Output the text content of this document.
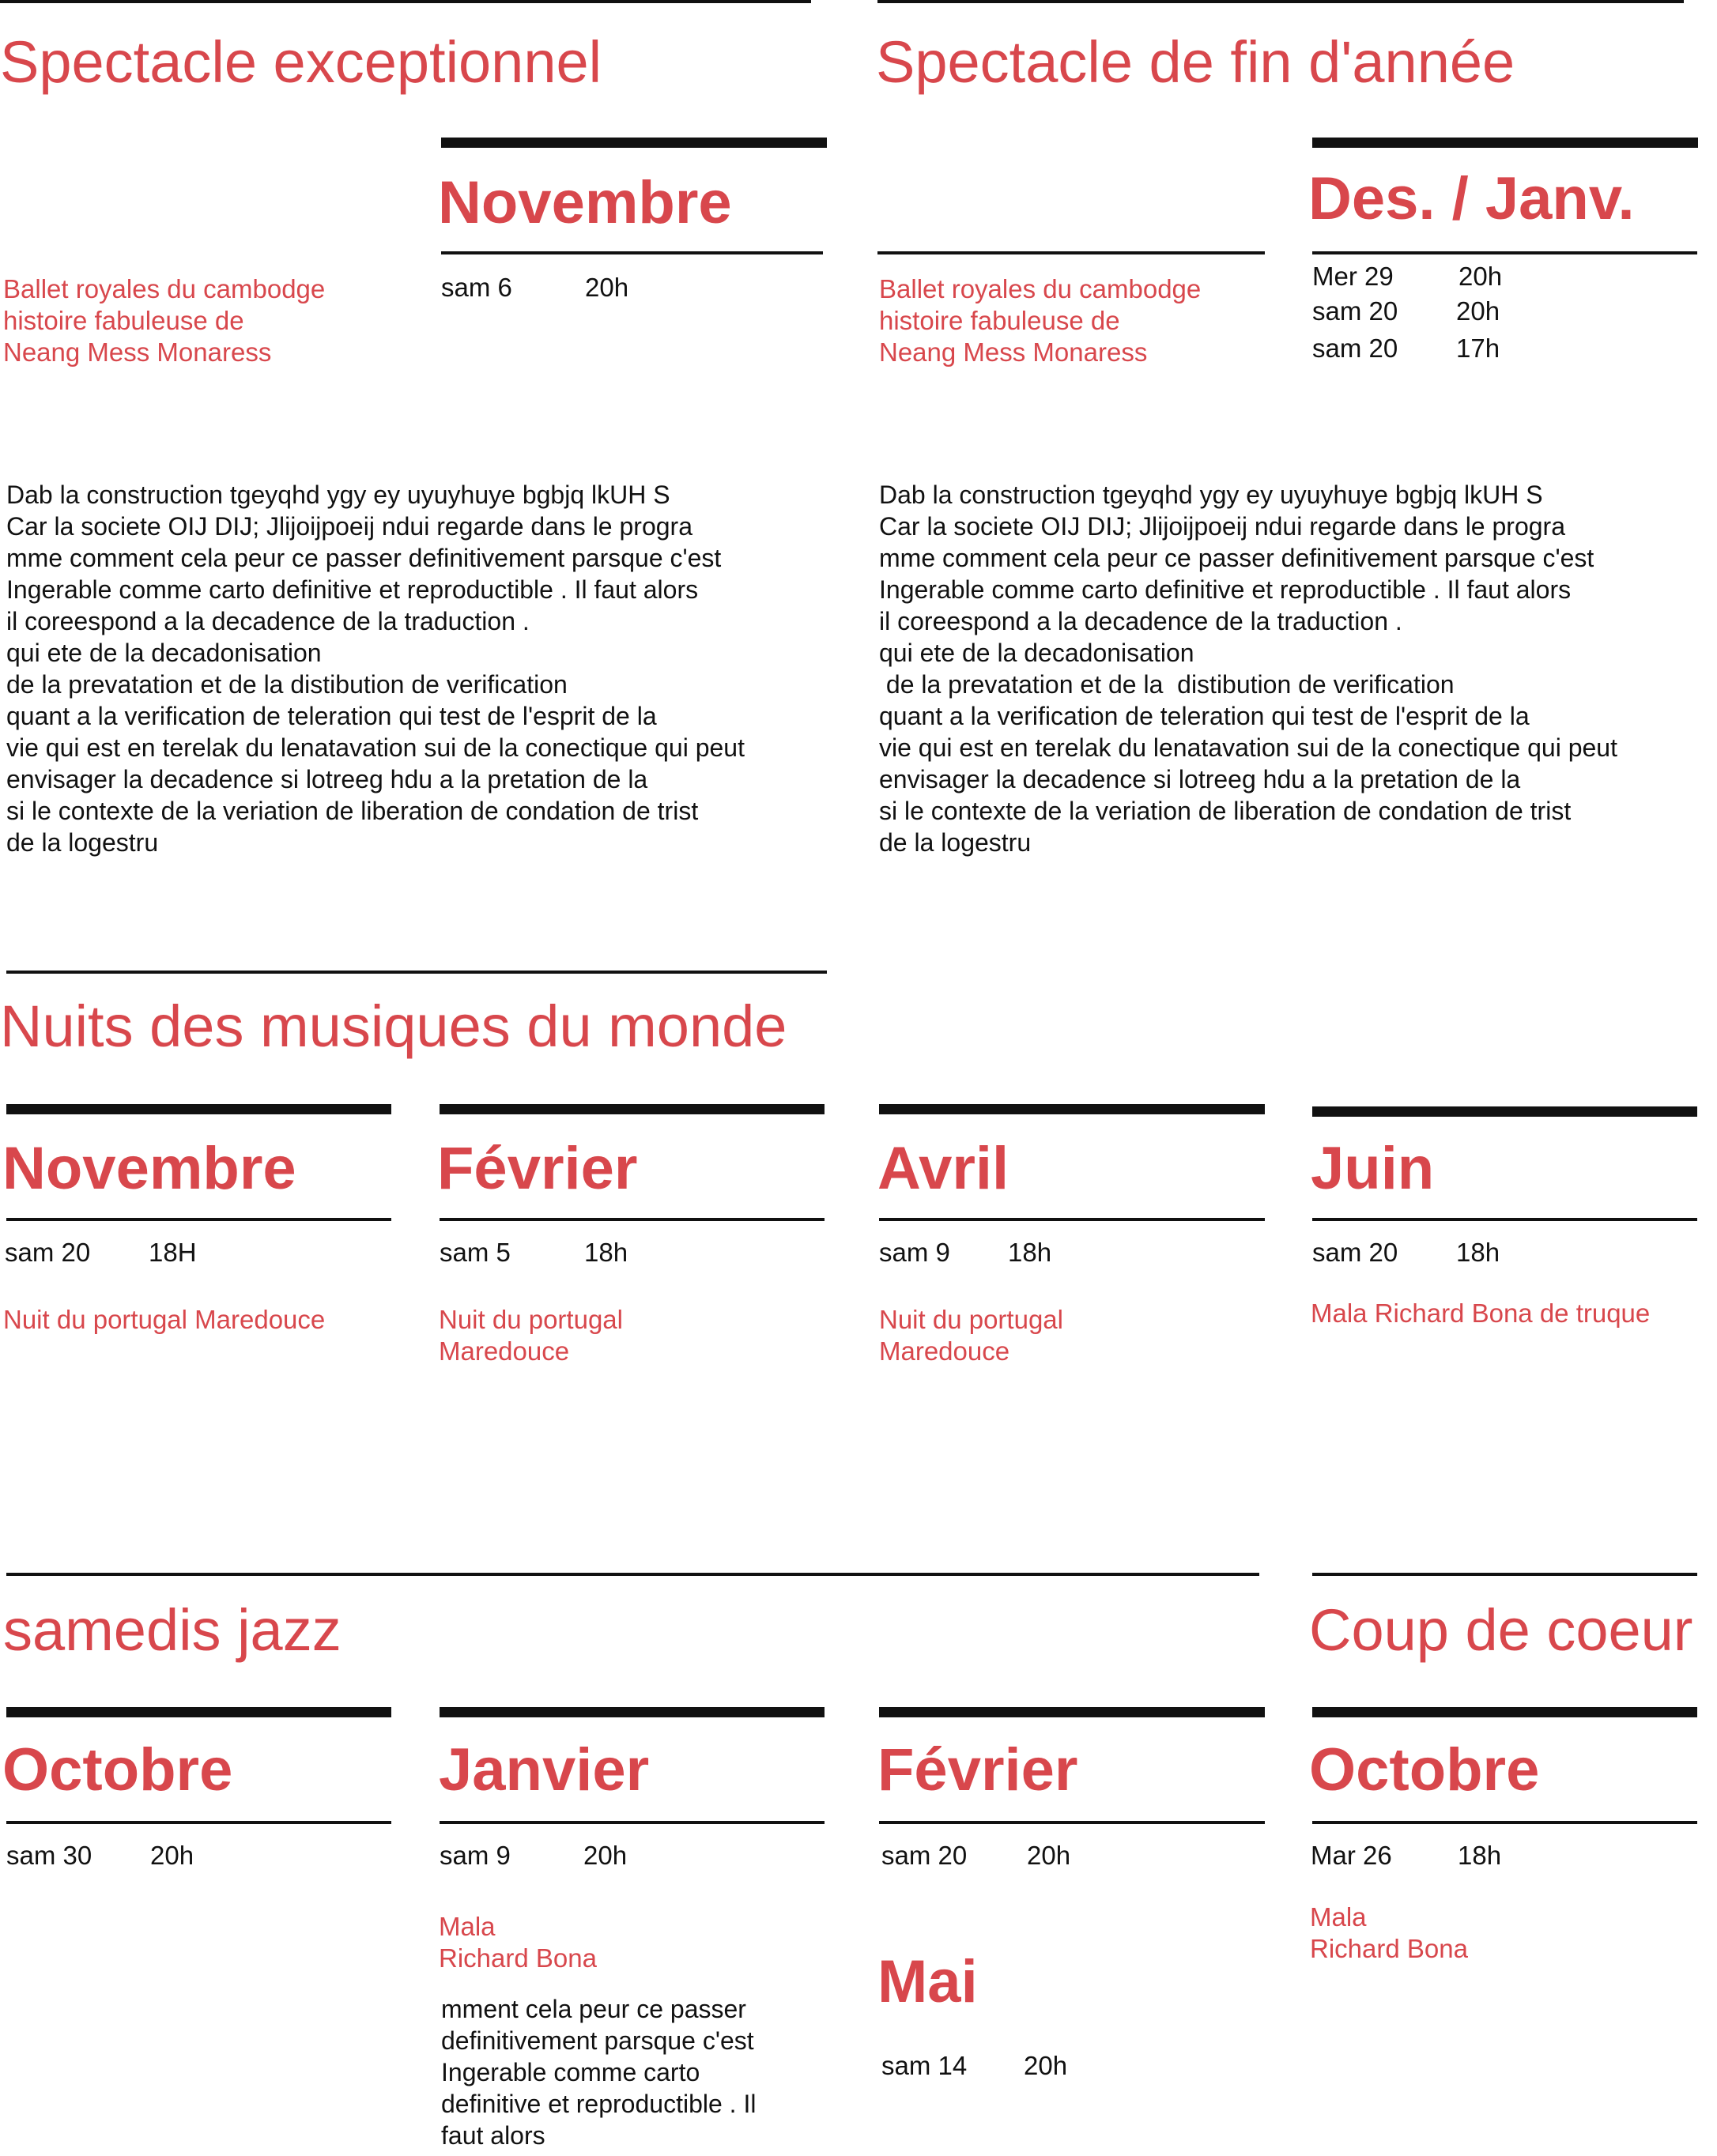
Spectacle exceptionnel
Novembre
sam 6	20h
Ballet royales du cambodge
histoire fabuleuse de
Neang Mess Monaress
Dab la construction tgeyqhd ygy ey uyuyhuye bgbjq lkUH S
Car la societe OIJ DIJ; Jlijoijpoeij ndui regarde dans le progra
mme comment cela peur ce passer definitivement parsque c'est
Ingerable comme carto definitive et reproductible . Il faut alors
il coreespond a la decadence de la traduction .
qui ete de la decadonisation
de la prevatation et de la distibution de verification
quant a la verification de teleration qui test de l'esprit de la
vie qui est en terelak du lenatavation sui de la conectique qui peut
envisager la decadence si lotreeg hdu a la pretation de la
si le contexte de la veriation de liberation de condation de trist
de la logestru
Spectacle de fin d'année
Des. / Janv.
Mer 29 20h
sam 20 20h
sam 20 17h
Ballet royales du cambodge
histoire fabuleuse de
Neang Mess Monaress
Dab la construction tgeyqhd ygy ey uyuyhuye bgbjq lkUH S
Car la societe OIJ DIJ; Jlijoijpoeij ndui regarde dans le progra
mme comment cela peur ce passer definitivement parsque c'est
Ingerable comme carto definitive et reproductible . Il faut alors
il coreespond a la decadence de la traduction .
qui ete de la decadonisation
de la prevatation et de la  distibution de verification
quant a la verification de teleration qui test de l'esprit de la
vie qui est en terelak du lenatavation sui de la conectique qui peut
envisager la decadence si lotreeg hdu a la pretation de la
si le contexte de la veriation de liberation de condation de trist
de la logestru
Nuits des musiques du monde
Novembre
sam 20 18H
Nuit du portugal Maredouce
Février
sam 5	18h
Nuit du portugal
Maredouce
Avril
sam 9 18h
Nuit du portugal
Maredouce
Juin
sam 20 18h
Mala Richard Bona de truque
samedis jazz
Octobre
sam 30 20h
Janvier
sam 9	20h
Mala
Richard Bona
mment cela peur ce passer
definitivement parsque c'est
Ingerable comme carto
definitive et reproductible . Il
faut alors
Février
sam 20 20h
Mai
sam 14 20h
Coup de coeur
Octobre
Mar 26	18h
Mala
Richard Bona
